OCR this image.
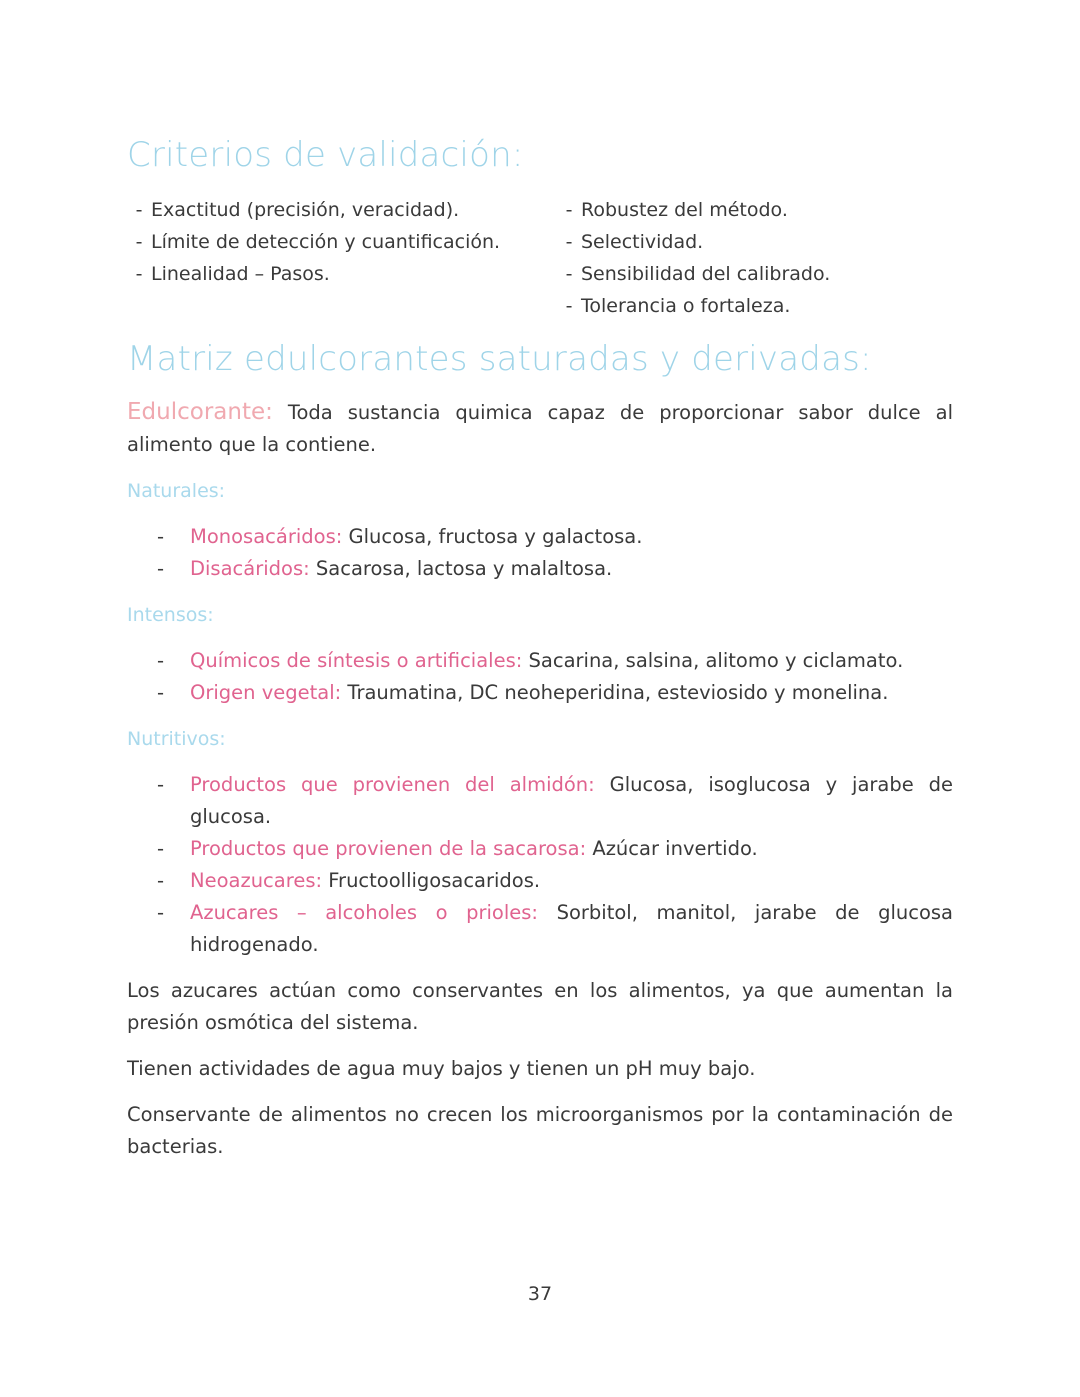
Criterios de validación:
- Exactitud (precisión, veracidad).
- Límite de detección y cuantificación.
- Linealidad – Pasos.
- Robustez del método.
- Selectividad.
- Sensibilidad del calibrado.
- Tolerancia o fortaleza.
Matriz edulcorantes saturadas y derivadas:

Edulcorante: Toda sustancia quimica capaz de proporcionar sabor dulce al alimento que la contiene.

Naturales:
-	Monosacáridos: Glucosa, fructosa y galactosa.
-	Disacáridos: Sacarosa, lactosa y malaltosa.
Intensos:
-	Químicos de síntesis o artificiales: Sacarina, salsina, alitomo y ciclamato.
-	Origen vegetal: Traumatina, DC neoheperidina, esteviosido y monelina.
Nutritivos:
-	Productos que provienen del almidón: Glucosa, isoglucosa y jarabe de glucosa.
-	Productos que provienen de la sacarosa: Azúcar invertido.
-	Neoazucares: Fructoolligosacaridos.
-	Azucares – alcoholes o prioles: Sorbitol, manitol, jarabe de glucosa hidrogenado.

Los azucares actúan como conservantes en los alimentos, ya que aumentan la presión osmótica del sistema.

Tienen actividades de agua muy bajos y tienen un pH muy bajo.

Conservante de alimentos no crecen los microorganismos por la contaminación de bacterias.

37
